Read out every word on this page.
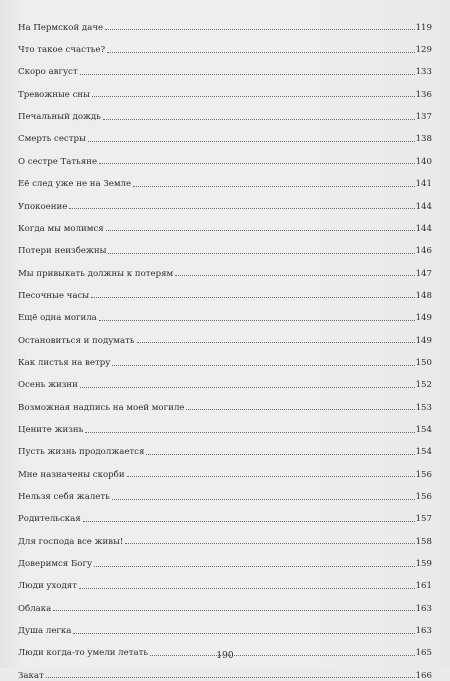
На Пермской даче	119
Что такое счастье?	129
Скоро август	133
Тревожные сны	136
Печальный дождь	137
Смерть сестры	138
О сестре Татьяне	140
Её след уже не на Земле	141
Упокоение	144
Когда мы молимся	144
Потери неизбежны	146
Мы привыкать должны к потерям	147
Песочные часы	148
Ещё одна могила	149
Остановиться и подумать	149
Как листья на ветру	150
Осень жизни	152
Возможная надпись на моей могиле	153
Цените жизнь	154
Пусть жизнь продолжается	154
Мне назначены скорби	156
Нельзя себя жалеть	156
Родительская	157
Для господа все живы!	158
Доверимся Богу	159
Люди уходят	161
Облака	163
Душа легка	163
Люди когда-то умели летать	165
Закат	166
190
